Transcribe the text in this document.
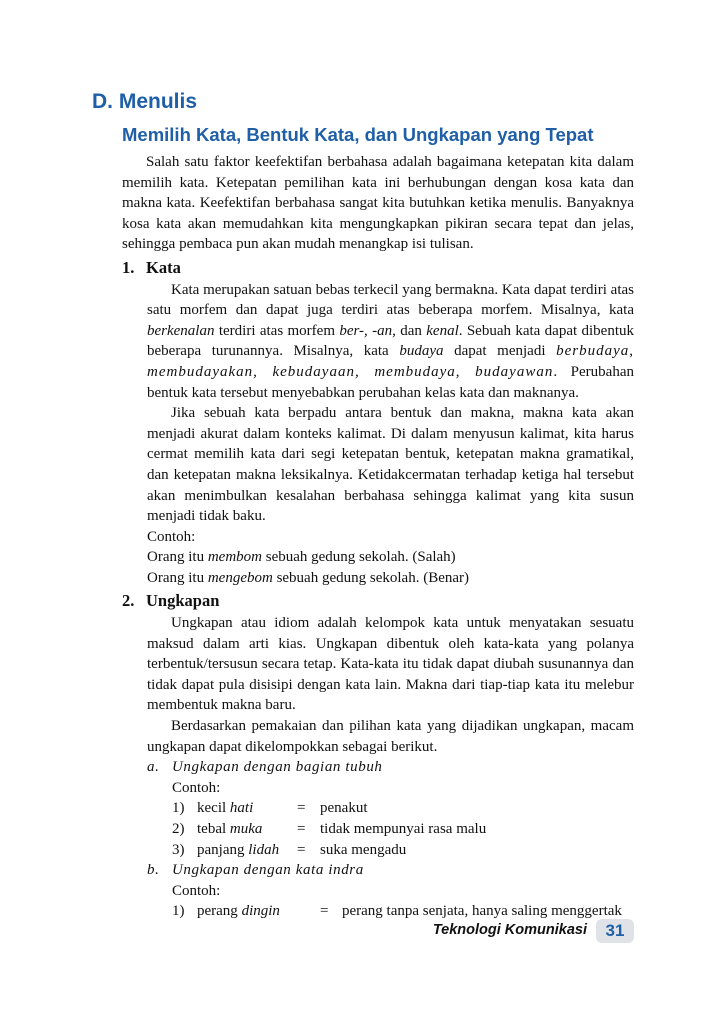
D. Menulis
Memilih Kata, Bentuk Kata, dan Ungkapan yang Tepat

Salah satu faktor keefektifan berbahasa adalah bagaimana ketepatan kita dalam memilih kata. Ketepatan pemilihan kata ini berhubungan dengan kosa kata dan makna kata. Keefektifan berbahasa sangat kita butuhkan ketika menulis. Banyaknya kosa kata akan memudahkan kita mengungkapkan pikiran secara tepat dan jelas, sehingga pembaca pun akan mudah menangkap isi tulisan.

1. Kata

Kata merupakan satuan bebas terkecil yang bermakna. Kata dapat terdiri atas satu morfem dan dapat juga terdiri atas beberapa morfem. Misalnya, kata berkenalan terdiri atas morfem ber-, -an, dan kenal. Sebuah kata dapat dibentuk beberapa turunannya. Misalnya, kata budaya dapat menjadi berbudaya, membudayakan, kebudayaan, membudaya, budayawan. Perubahan bentuk kata tersebut menyebabkan perubahan kelas kata dan maknanya.

Jika sebuah kata berpadu antara bentuk dan makna, makna kata akan menjadi akurat dalam konteks kalimat. Di dalam menyusun kalimat, kita harus cermat memilih kata dari segi ketepatan bentuk, ketepatan makna gramatikal, dan ketepatan makna leksikalnya. Ketidakcermatan terhadap ketiga hal tersebut akan menimbulkan kesalahan berbahasa sehingga kalimat yang kita susun menjadi tidak baku.

Contoh:

Orang itu membom sebuah gedung sekolah. (Salah)

Orang itu mengebom sebuah gedung sekolah. (Benar)

2. Ungkapan

Ungkapan atau idiom adalah kelompok kata untuk menyatakan sesuatu maksud dalam arti kias. Ungkapan dibentuk oleh kata-kata yang polanya terbentuk/tersusun secara tetap. Kata-kata itu tidak dapat diubah susunannya dan tidak dapat pula disisipi dengan kata lain. Makna dari tiap-tiap kata itu melebur membentuk makna baru.

Berdasarkan pemakaian dan pilihan kata yang dijadikan ungkapan, macam ungkapan dapat dikelompokkan sebagai berikut.

a. Ungkapan dengan bagian tubuh

Contoh:

1) kecil hati	= penakut
2) tebal muka = tidak mempunyai rasa malu
3) panjang lidah = suka mengadu
b. Ungkapan dengan kata indra

Contoh:

1) perang dingin	= perang tanpa senjata, hanya saling menggertak
Teknologi Komunikasi	31
